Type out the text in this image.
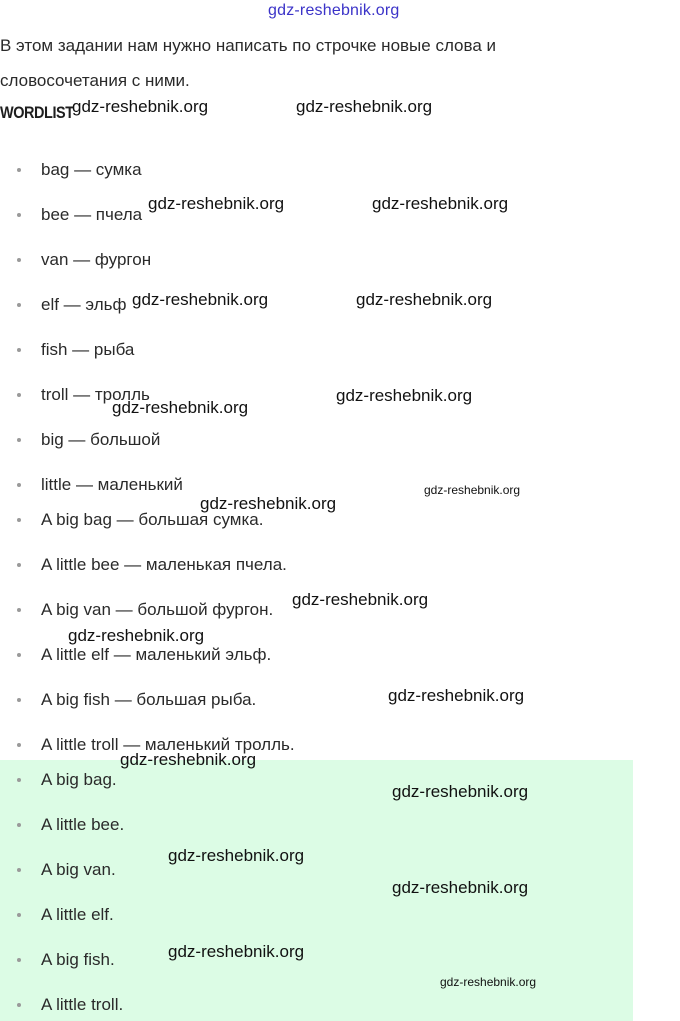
gdz-reshebnik.org

В этом задании нам нужно написать по строчке новые слова и словосочетания с ними.

WORDLIST
bag — сумка
bee — пчела
van — фургон
elf — эльф
fish — рыба
troll — тролль
big — большой
little — маленький
A big bag — большая сумка.
A little bee — маленькая пчела.
A big van — большой фургон.
A little elf — маленький эльф.
A big fish — большая рыба.
A little troll — маленький тролль.
A big bag.
A little bee.
A big van.
A little elf.
A big fish.
A little troll.
gdz-reshebnik.org	gdz-reshebnik.org
gdz-reshebnik.org	gdz-reshebnik.org
gdz-reshebnik.org	gdz-reshebnik.org
gdz-reshebnik.org
gdz-reshebnik.org
gdz-reshebnik.org
gdz-reshebnik.org
gdz-reshebnik.org
gdz-reshebnik.org
gdz-reshebnik.org
gdz-reshebnik.org
gdz-reshebnik.org
gdz-reshebnik.org
gdz-reshebnik.org
gdz-reshebnik.org
gdz-reshebnik.org
